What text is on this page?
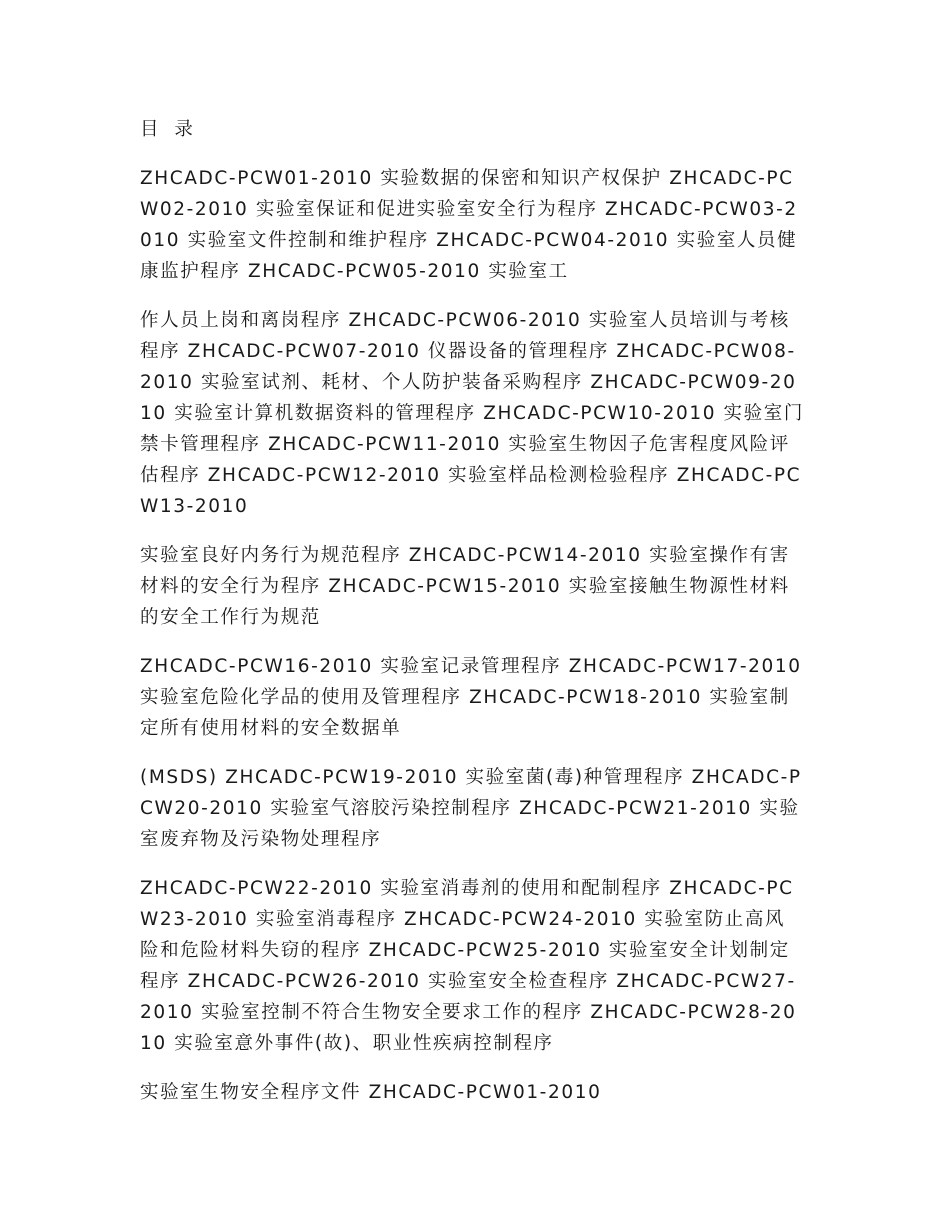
目 录
ZHCADC-PCW01-2010 实验数据的保密和知识产权保护 ZHCADC-PCW02-2010 实验室保证和促进实验室安全行为程序 ZHCADC-PCW03-2010 实验室文件控制和维护程序 ZHCADC-PCW04-2010 实验室人员健康监护程序 ZHCADC-PCW05-2010 实验室工
作人员上岗和离岗程序 ZHCADC-PCW06-2010 实验室人员培训与考核程序 ZHCADC-PCW07-2010 仪器设备的管理程序 ZHCADC-PCW08-2010 实验室试剂、耗材、个人防护装备采购程序 ZHCADC-PCW09-2010 实验室计算机数据资料的管理程序 ZHCADC-PCW10-2010 实验室门禁卡管理程序 ZHCADC-PCW11-2010 实验室生物因子危害程度风险评估程序 ZHCADC-PCW12-2010 实验室样品检测检验程序 ZHCADC-PCW13-2010
实验室良好内务行为规范程序 ZHCADC-PCW14-2010 实验室操作有害材料的安全行为程序 ZHCADC-PCW15-2010 实验室接触生物源性材料的安全工作行为规范
ZHCADC-PCW16-2010 实验室记录管理程序 ZHCADC-PCW17-2010 实验室危险化学品的使用及管理程序 ZHCADC-PCW18-2010 实验室制定所有使用材料的安全数据单
(MSDS) ZHCADC-PCW19-2010 实验室菌(毒)种管理程序 ZHCADC-PCW20-2010 实验室气溶胶污染控制程序 ZHCADC-PCW21-2010 实验室废弃物及污染物处理程序
ZHCADC-PCW22-2010 实验室消毒剂的使用和配制程序 ZHCADC-PCW23-2010 实验室消毒程序 ZHCADC-PCW24-2010 实验室防止高风险和危险材料失窃的程序 ZHCADC-PCW25-2010 实验室安全计划制定程序 ZHCADC-PCW26-2010 实验室安全检查程序 ZHCADC-PCW27-2010 实验室控制不符合生物安全要求工作的程序 ZHCADC-PCW28-2010 实验室意外事件(故)、职业性疾病控制程序
实验室生物安全程序文件 ZHCADC-PCW01-2010
